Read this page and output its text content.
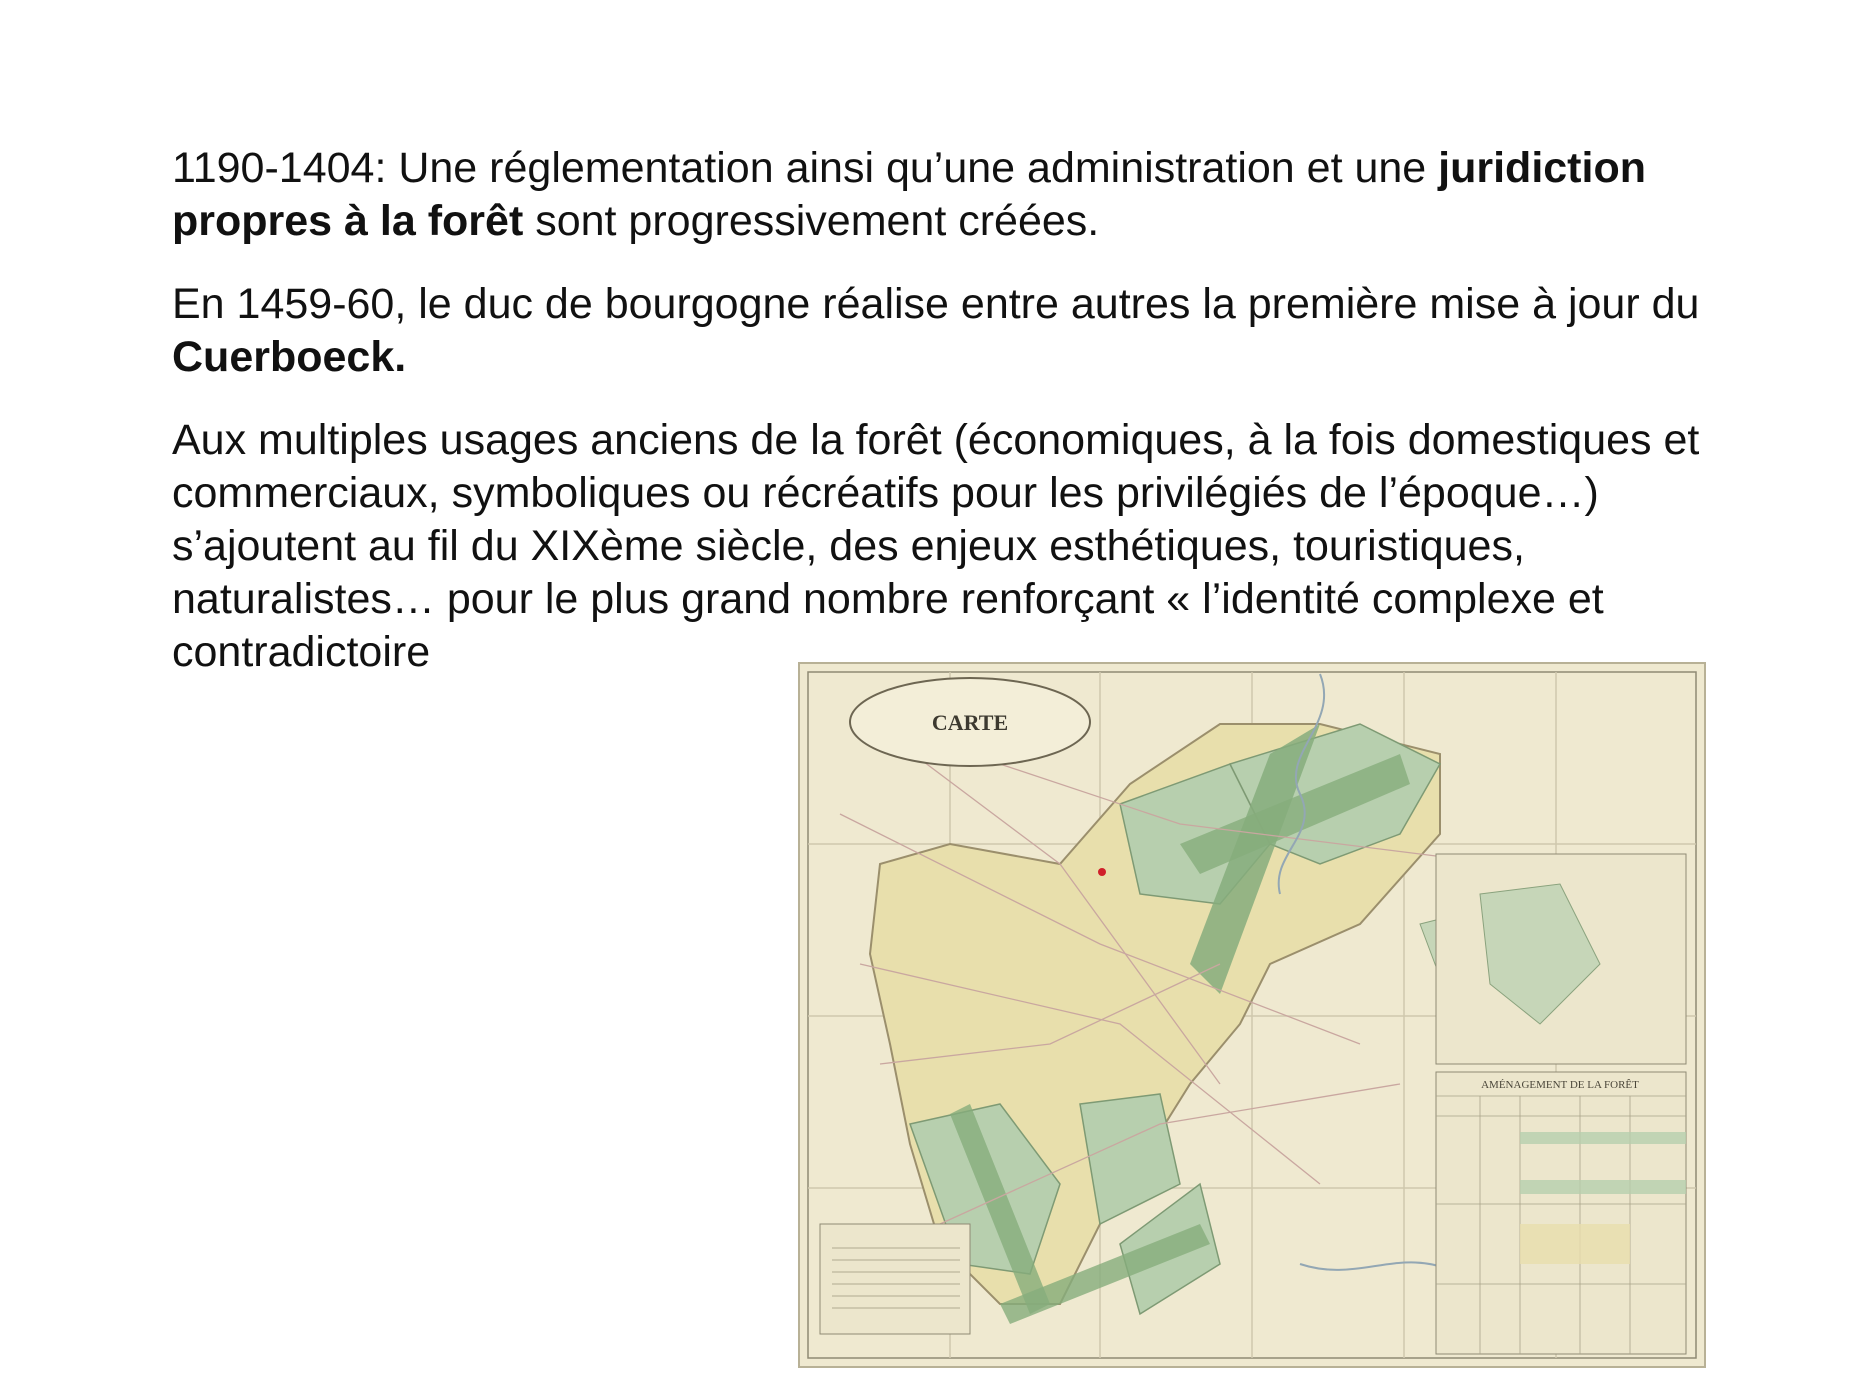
1190-1404: Une réglementation ainsi qu’une administration et une juridiction propres à la forêt sont progressivement créées.

En 1459-60, le duc de bourgogne réalise entre autres la première mise à jour du Cuerboeck.

Aux multiples usages anciens de la forêt (économiques, à la fois domestiques et commerciaux, symboliques ou récréatifs pour les privilégiés de l’époque…) s’ajoutent au fil du XIXème siècle, des enjeux esthétiques, touristiques, naturalistes… pour le plus grand nombre renforçant « l’identité complexe et contradictoire

CARTE
AMÉNAGEMENT DE LA FORÊT
